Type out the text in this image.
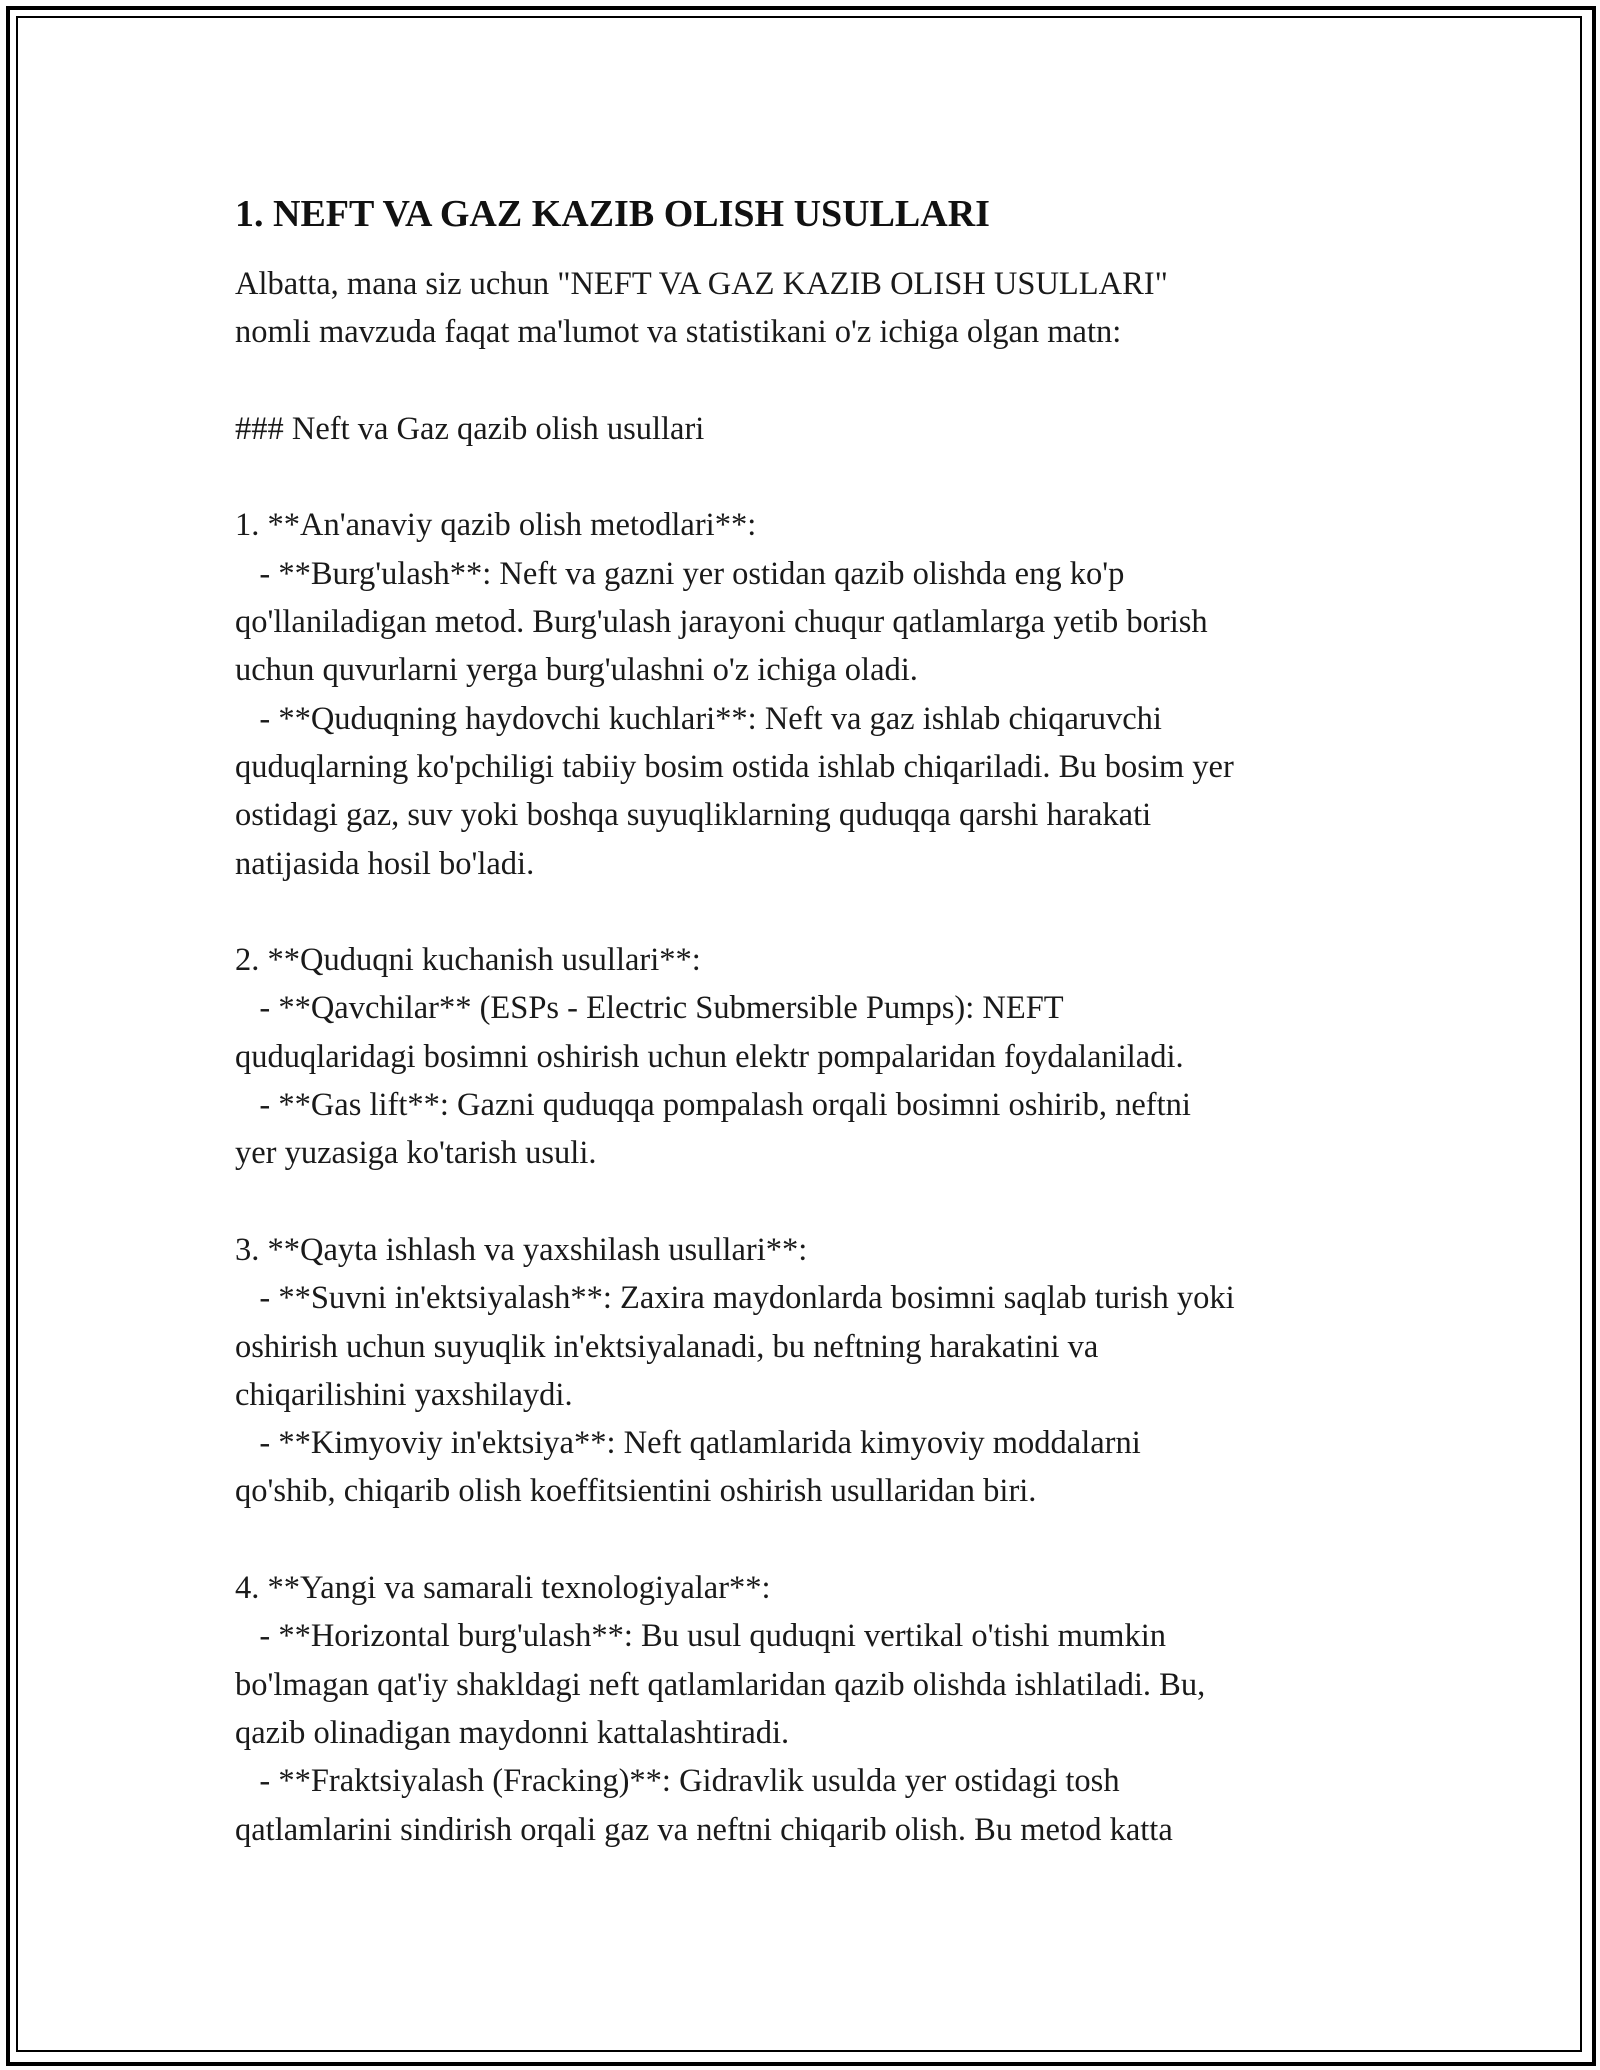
1. NEFT VA GAZ KAZIB OLISH USULLARI

Albatta, mana siz uchun "NEFT VA GAZ KAZIB OLISH USULLARI"

nomli mavzuda faqat ma'lumot va statistikani o'z ichiga olgan matn:

### Neft va Gaz qazib olish usullari

1. **An'anaviy qazib olish metodlari**:

- **Burg'ulash**: Neft va gazni yer ostidan qazib olishda eng ko'p

qo'llaniladigan metod. Burg'ulash jarayoni chuqur qatlamlarga yetib borish

uchun quvurlarni yerga burg'ulashni o'z ichiga oladi.

- **Quduqning haydovchi kuchlari**: Neft va gaz ishlab chiqaruvchi

quduqlarning ko'pchiligi tabiiy bosim ostida ishlab chiqariladi. Bu bosim yer

ostidagi gaz, suv yoki boshqa suyuqliklarning quduqqa qarshi harakati

natijasida hosil bo'ladi.

2. **Quduqni kuchanish usullari**:

- **Qavchilar** (ESPs - Electric Submersible Pumps): NEFT

quduqlaridagi bosimni oshirish uchun elektr pompalaridan foydalaniladi.

- **Gas lift**: Gazni quduqqa pompalash orqali bosimni oshirib, neftni

yer yuzasiga ko'tarish usuli.

3. **Qayta ishlash va yaxshilash usullari**:

- **Suvni in'ektsiyalash**: Zaxira maydonlarda bosimni saqlab turish yoki

oshirish uchun suyuqlik in'ektsiyalanadi, bu neftning harakatini va

chiqarilishini yaxshilaydi.

- **Kimyoviy in'ektsiya**: Neft qatlamlarida kimyoviy moddalarni

qo'shib, chiqarib olish koeffitsientini oshirish usullaridan biri.

4. **Yangi va samarali texnologiyalar**:

- **Horizontal burg'ulash**: Bu usul quduqni vertikal o'tishi mumkin

bo'lmagan qat'iy shakldagi neft qatlamlaridan qazib olishda ishlatiladi. Bu,

qazib olinadigan maydonni kattalashtiradi.

- **Fraktsiyalash (Fracking)**: Gidravlik usulda yer ostidagi tosh

qatlamlarini sindirish orqali gaz va neftni chiqarib olish. Bu metod katta
